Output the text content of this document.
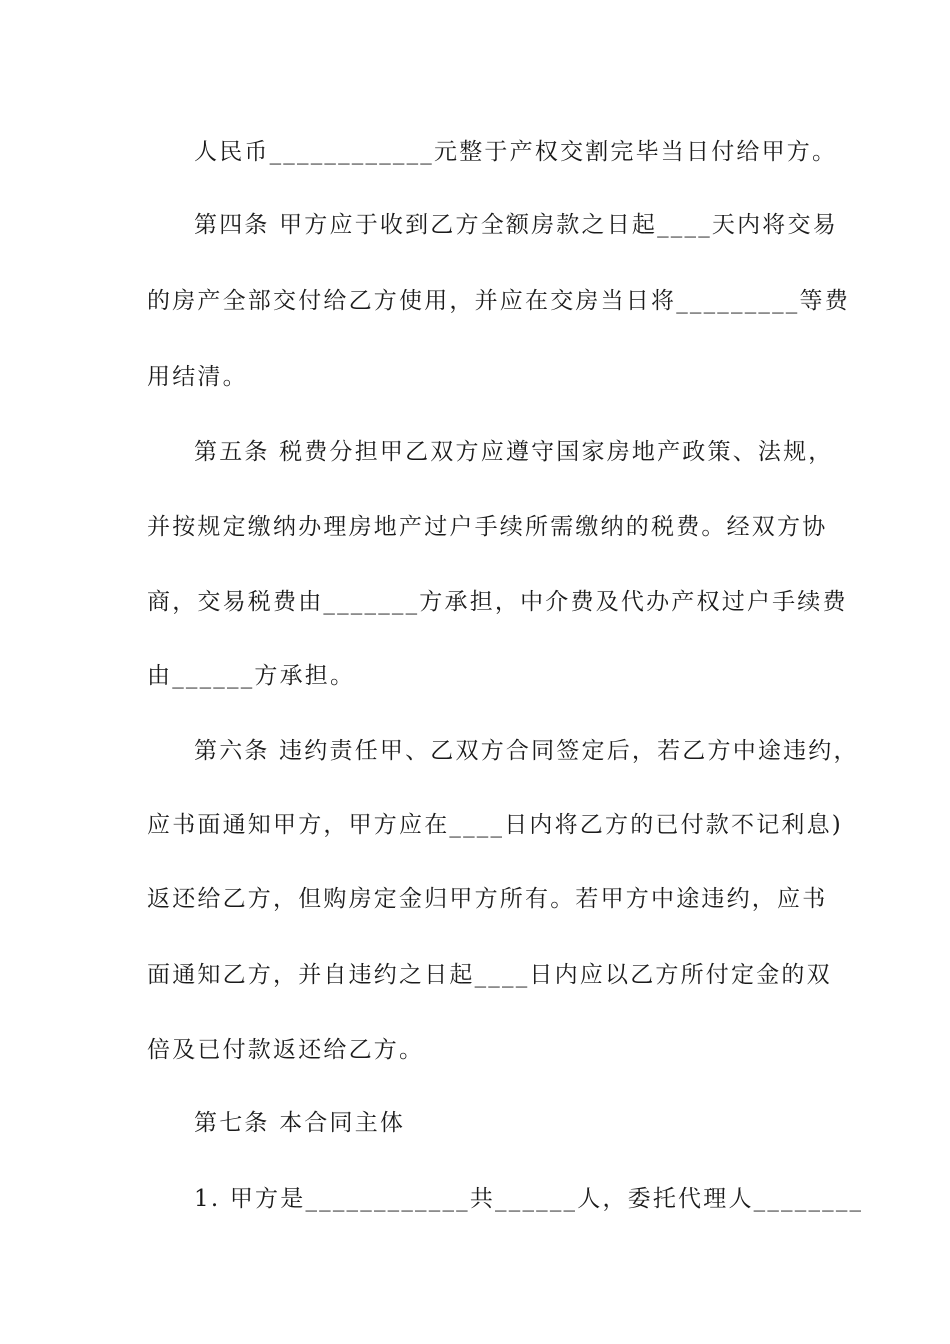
人民币____________元整于产权交割完毕当日付给甲方。
第四条 甲方应于收到乙方全额房款之日起____天内将交易
的房产全部交付给乙方使用，并应在交房当日将_________等费
用结清。
第五条 税费分担甲乙双方应遵守国家房地产政策、法规，
并按规定缴纳办理房地产过户手续所需缴纳的税费。经双方协
商，交易税费由_______方承担，中介费及代办产权过户手续费
由______方承担。
第六条 违约责任甲、乙双方合同签定后，若乙方中途违约，
应书面通知甲方，甲方应在____日内将乙方的已付款不记利息)
返还给乙方，但购房定金归甲方所有。若甲方中途违约，应书
面通知乙方，并自违约之日起____日内应以乙方所付定金的双
倍及已付款返还给乙方。
第七条 本合同主体
1. 甲方是____________共______人，委托代理人________
